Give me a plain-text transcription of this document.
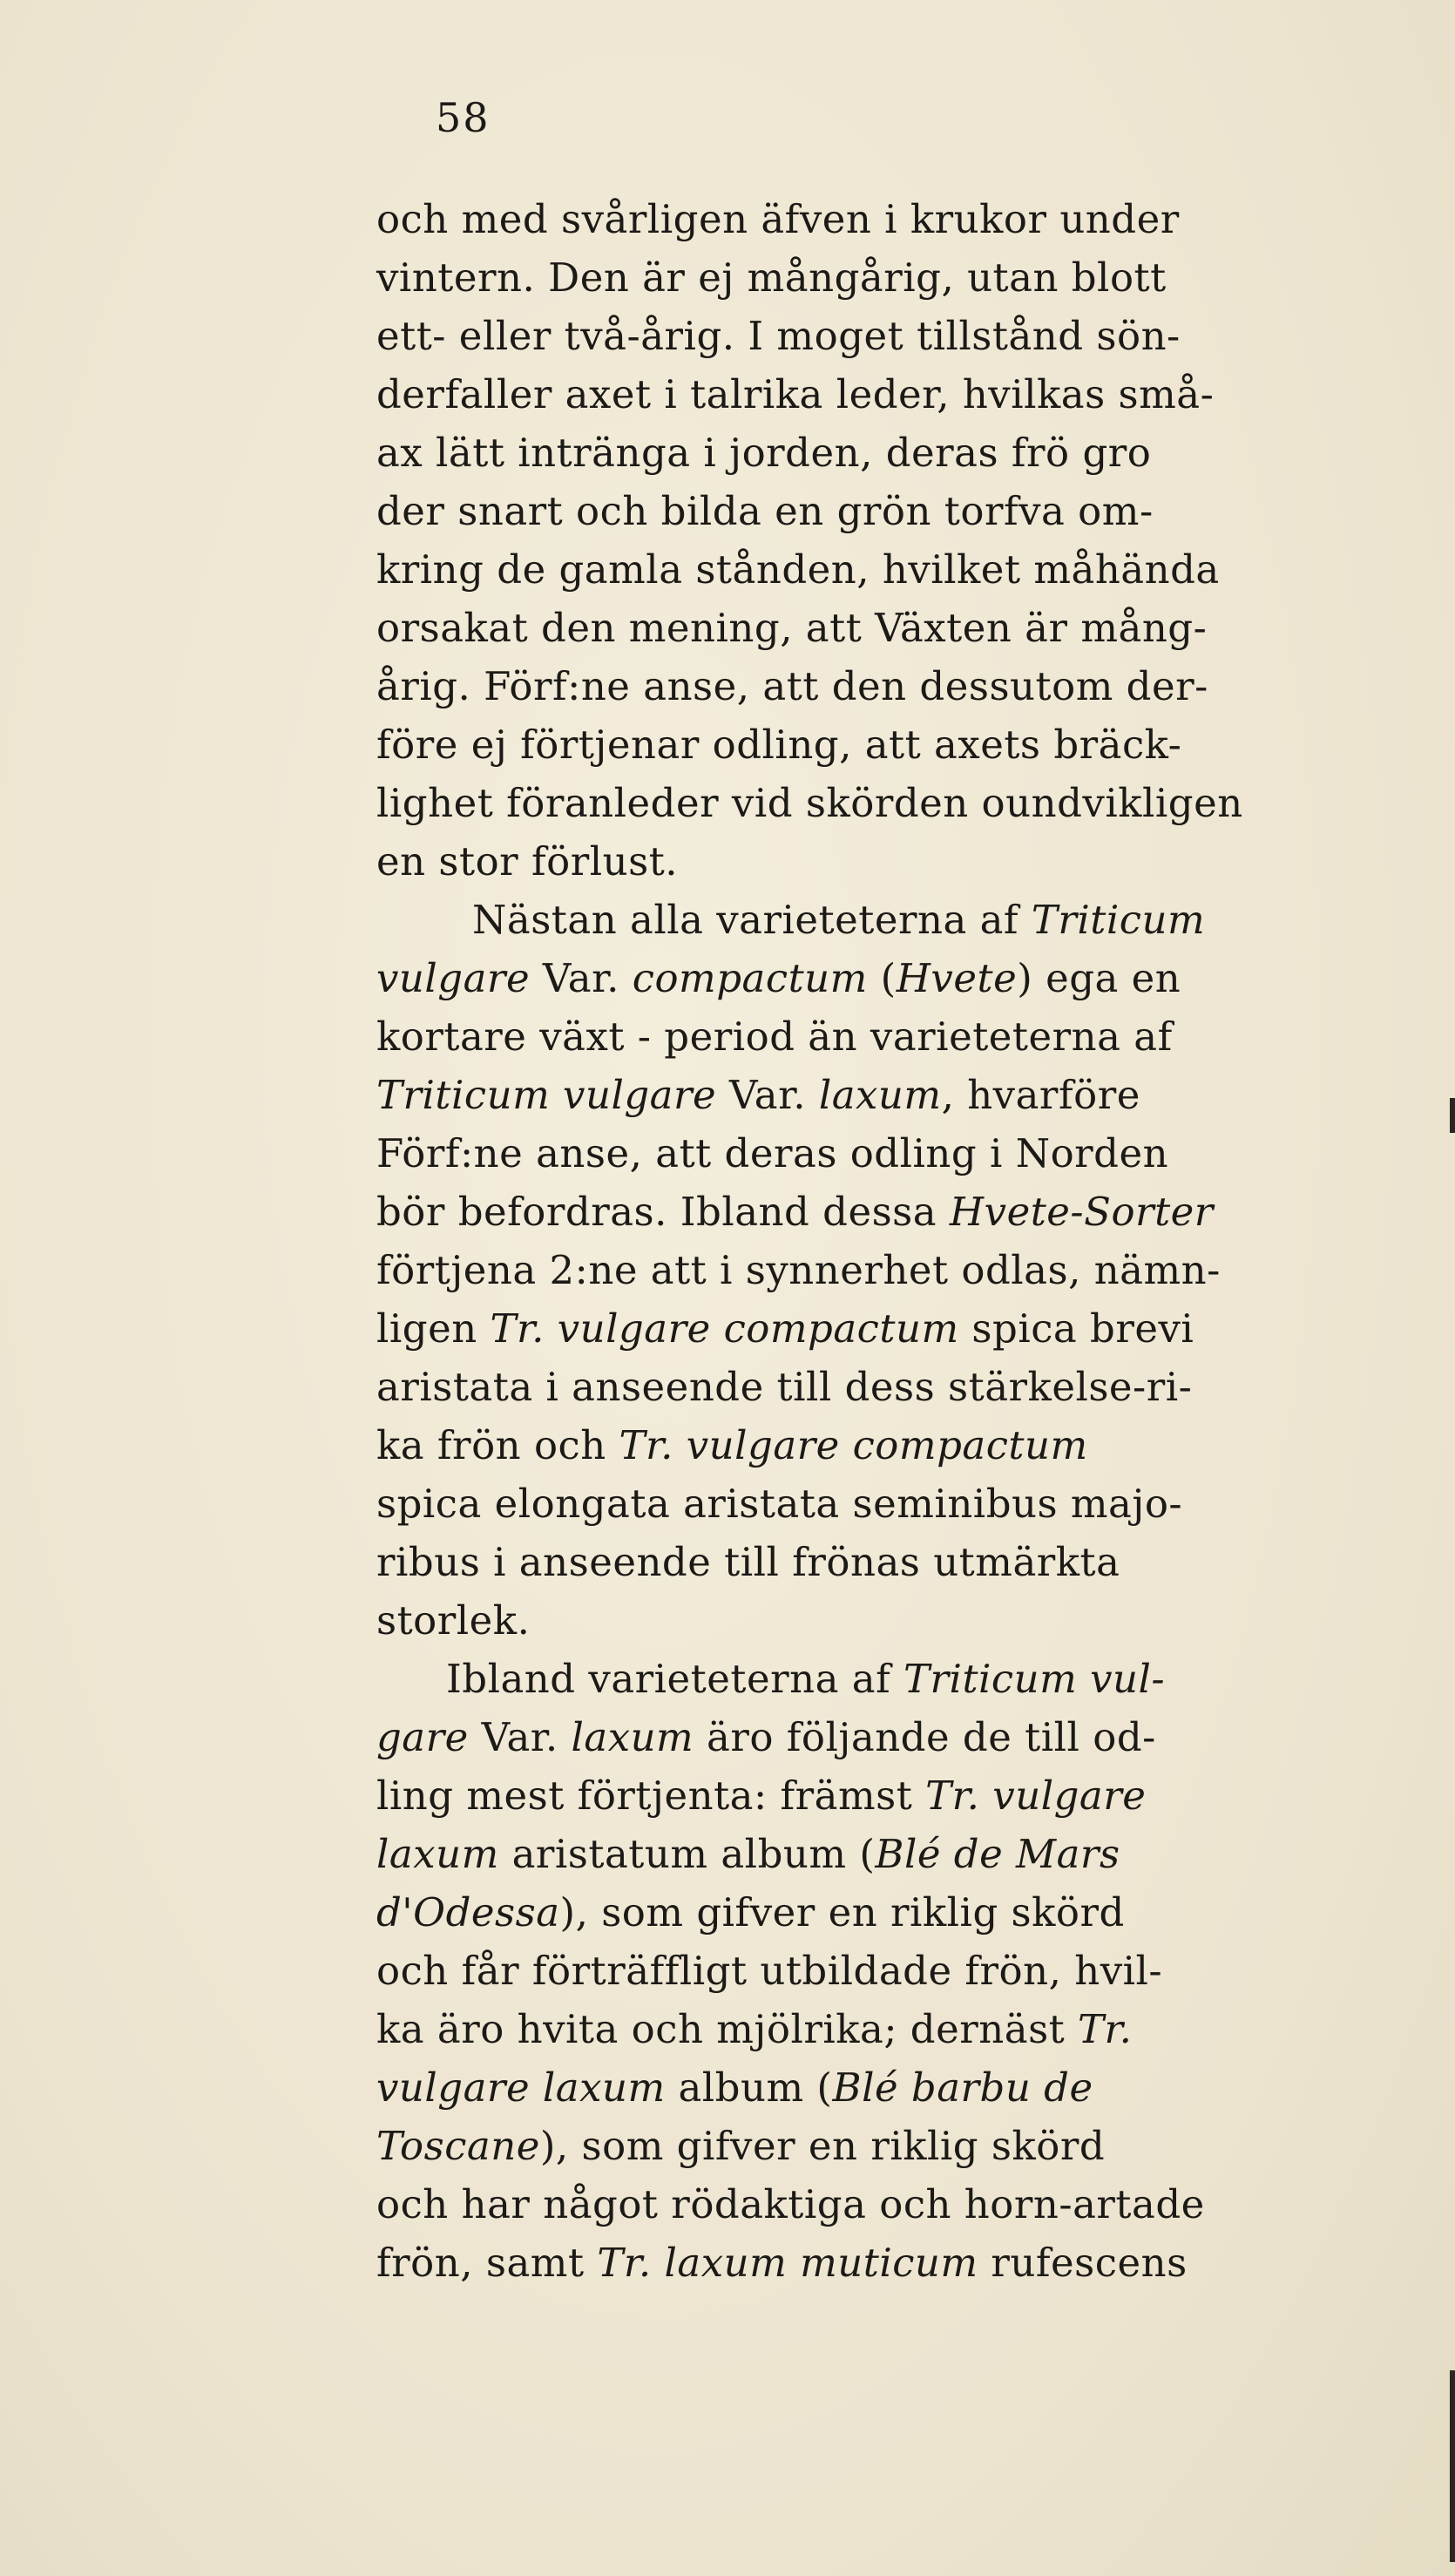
58
och med svårligen äfven i krukor under
vintern. Den är ej mångårig, utan blott
ett- eller två-årig. I moget tillstånd sön-
derfaller axet i talrika leder, hvilkas små-
ax lätt intränga i jorden, deras frö gro
der snart och bilda en grön torfva om-
kring de gamla stånden, hvilket måhända
orsakat den mening, att Växten är mång-
årig. Förf:ne anse, att den dessutom der-
före ej förtjenar odling, att axets bräck-
lighet föranleder vid skörden oundvikligen
en stor förlust.
Nästan alla varieteterna af Triticum
vulgare Var. compactum (Hvete) ega en
kortare växt - period än varieteterna af
Triticum vulgare Var. laxum, hvarföre
Förf:ne anse, att deras odling i Norden
bör befordras. Ibland dessa Hvete-Sorter
förtjena 2:ne att i synnerhet odlas, nämn-
ligen Tr. vulgare compactum spica brevi
aristata i anseende till dess stärkelse-ri-
ka frön och Tr. vulgare compactum
spica elongata aristata seminibus majo-
ribus i anseende till frönas utmärkta
storlek.
Ibland varieteterna af Triticum vul-
gare Var. laxum äro följande de till od-
ling mest förtjenta: främst Tr. vulgare
laxum aristatum album (Blé de Mars
d'Odessa), som gifver en riklig skörd
och får förträffligt utbildade frön, hvil-
ka äro hvita och mjölrika; dernäst Tr.
vulgare laxum album (Blé barbu de
Toscane), som gifver en riklig skörd
och har något rödaktiga och horn-artade
frön, samt Tr. laxum muticum rufescens
